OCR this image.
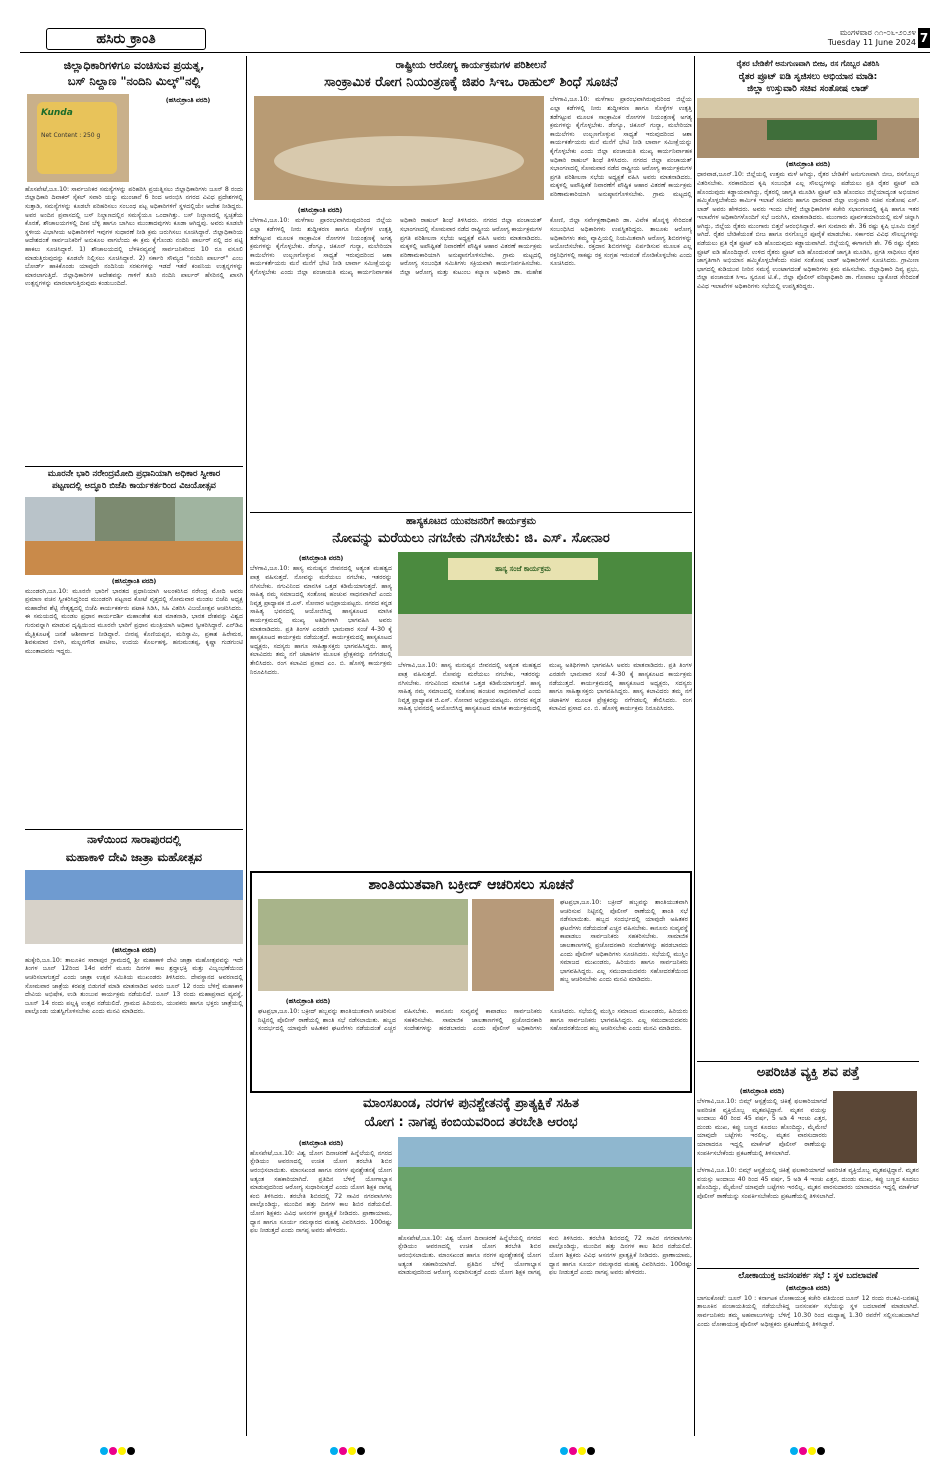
ಹಸಿರು ಕ್ರಾಂತಿ	ಮಂಗಳವಾರ ೧೧-೦೬-೨೦೨೪
Tuesday 11 June 2024 7
ಜಿಲ್ಲಾಧಿಕಾರಿಗಳಿಗೂ ವಂಚಿಸುವ ಪ್ರಯತ್ನ,
ಬಸ್ ನಿಲ್ದಾಣ "ನಂದಿನಿ ಮಿಲ್ಕ್"ನಲ್ಲಿ
Kunda
Net Content : 250 g
(ಹಸಿರುಕ್ರಾಂತಿ ವರದಿ)
ಹೊಸಪೇಟೆ,ಜೂ.10: ಸಾರ್ವಜನಿಕರ ಸಮಸ್ಯೆಗಳನ್ನು ಪರಿಹರಿಸಿ ಪ್ರಯತ್ನಿಸಲು ಜಿಲ್ಲಾಧಿಕಾರಿಗಳು ಜೂನ್ 8 ರಂದು ಜಿಲ್ಲಾಧಿಕಾರಿ ದಿವಾಕರ್ ಸೈಕಲ್ ಸವಾರಿ ಯನ್ನು ಮುಂಜಾನೆ 6 ರಿಂದ ಆರಂಭಿಸಿ ನಗರದ ವಿವಿಧ ಪ್ರದೇಶಗಳಲ್ಲಿ ಸುತ್ತಾಡಿ, ಸಮಸ್ಯೆಗಳನ್ನು ಕೂಡಲೇ ಪರಿಹರಿಸಲು ಸಂಬಂಧ ಪಟ್ಟ ಅಧಿಕಾರಿಗಳಿಗೆ ಸ್ಥಳದಲ್ಲಿಯೇ ಆದೇಶ ನೀಡಿದ್ದರು. ಅವರ ಅಂದಿನ ಪ್ರವಾಸದಲ್ಲಿ ಬಸ್ ನಿಲ್ದಾಣದಲ್ಲಿನ ಸಮಸ್ಯೆಯೂ ಒಂದಾಗಿತ್ತು. ಬಸ್ ನಿಲ್ದಾಣದಲ್ಲಿ ಸ್ವಚ್ಛತೆಯ ಕೊರತೆ, ಶೌಚಾಲಯಗಳಲ್ಲಿ ದೀಪ ಬೆಳ್ಳಿ ಹಾಗೂ ಬಾಗಿಲು ಮುಂತಾದವುಗಳು ಕೂಡಾ ಆಗಿದ್ದವು. ಅವರು ಕೂಡಲೇ ಸ್ಥಳೀಯ ವಿಭಾಗೀಯ ಅಧಿಕಾರಿಗಳಿಗೆ ಇವುಗಳ ಸುಧಾರಣೆ ನೀಡಿ ಕ್ರಮ ಜರುಗಿಸಲು ಸೂಚಿಸಿದ್ದಾರೆ. ಜಿಲ್ಲಾಧಿಕಾರಿಯ ಆದೇಶದಂತೆ ಸಾರ್ವಜನಿಕರಿಗೆ ಅನುಕೂಲ ವಾಗಲೆಂದು ಈ ಕ್ರಮ ಕೈಗೊಂಡು ನಂದಿನಿ ಪಾರ್ಲರ್ ನಲ್ಲಿ ದರ ಪಟ್ಟಿ ಹಾಕಲು ಸೂಚಿಸಿದ್ದಾರೆ. 1) ಶೌಚಾಲಯದಲ್ಲಿ ಬೆಳಕಿನವ್ಯವಸ್ಥೆ ಸಾರ್ವಜನಿಕರಿಂದ 10 ರೂ ವಸೂಲಿ ಮಾಡುತ್ತಿರುವುದನ್ನು ಕೂಡಲೇ ನಿಲ್ಲಿಸಲು ಸೂಚಿಸಿದ್ದಾರೆ. 2) ಸರ್ಕಾರಿ ಸೌಮ್ಯದ "ನಂದಿನಿ ಪಾರ್ಲರ್" ಎಂಬ ಬೋರ್ಡ್ ಹಾಕಿಕೊಂಡು ಯಾವುದೇ ನಂದಿನಿಯ ಸರಕುಗಳನ್ನು ಇಡದೆ ಇತರೆ ಕಂಪನಿಯ ಉತ್ಪನ್ನಗಳನ್ನು ಮಾರಲಾಗುತ್ತಿದೆ. ಜಿಲ್ಲಾಧಿಕಾರಿಗಳ ಆದೇಶವನ್ನು ಗಾಳಿಗೆ ತೂರಿ ನಂದಿನಿ ಪಾರ್ಲರ್ ಹೆಸರಿನಲ್ಲಿ ಖಾಸಗಿ ಉತ್ಪನ್ನಗಳನ್ನು ಮಾರಲಾಗುತ್ತಿರುವುದು ಕಂಡುಬಂದಿದೆ.
ಮೂರನೇ ಭಾರಿ ನರೇಂದ್ರಮೋದಿ ಪ್ರಧಾನಿಯಾಗಿ ಅಧಿಕಾರ ಸ್ವೀಕಾರ
ಪಟ್ಟಣದಲ್ಲಿ ಅದ್ಧೂರಿ ಬಿಜೆಪಿ ಕಾರ್ಯಕರ್ತರಿಂದ ವಿಜಯೋತ್ಸವ
(ಹಸಿರುಕ್ರಾಂತಿ ವರದಿ)
ಮುಂಡರಗಿ,ಜೂ.10: ಮೂರನೇ ಭಾರಿಗೆ ಭಾರತದ ಪ್ರಧಾನಿಯಾಗಿ ಅಲಂಕರಿಸಿದ ನರೇಂದ್ರ ಮೋದಿ ಅವರು ಪ್ರಮಾಣ ವಚನ ಸ್ವೀಕರಿಸಿದ್ದರಿಂದ ಮುಂಡರಗಿ ಪಟ್ಟಣದ ಕೋಟೆ ವೃತ್ತದಲ್ಲಿ ಸೋಮವಾರ ಮಂಡಲ ಬಿಜೆಪಿ ಅಧ್ಯಕ್ಷ ಮಹಾದೇವ ಶೆಟ್ಟಿ ನೇತೃತ್ವದಲ್ಲಿ ಬಿಜೆಪಿ ಕಾರ್ಯಕರ್ತರು ಪಟಾಕಿ ಸಿಡಿಸಿ, ಸಿಹಿ ವಿತರಿಸಿ ವಿಜಯೋತ್ಸವ ಆಚರಿಸಿದರು. ಈ ಸಮಯದಲ್ಲಿ ಮಂಡಲ ಪ್ರಧಾನ ಕಾರ್ಯದರ್ಶಿ ಮಹಾಂತೇಶ ಕುಡ ಮಾತನಾಡಿ, ಭಾರತ ದೇಶವನ್ನು ವಿಶ್ವದ ಗುರುವನ್ನಾಗಿ ಮಾಡುವ ದೃಷ್ಟಿಯಿಂದ ಮೂರನೇ ಭಾರಿಗೆ ಪ್ರಧಾನ ಮಂತ್ರಿಯಾಗಿ ಅಧಿಕಾರ ಸ್ವೀಕರಿಸಿದ್ದಾರೆ. ಎನ್‍ಡಿಎ ಮೈತ್ರಿಕೂಟಕ್ಕೆ ಜನತೆ ಆಶೀರ್ವಾದ ನೀಡಿದ್ದಾರೆ. ಬೀರಪ್ಪ ಕೊಣಿಯಪ್ಪರ, ಮರಿಸ್ವಾಮಿ, ಪ್ರಕಾಶ ಹಿರೇಮಠ, ಶಿವಕುಮಾರ ಬಿಳಗಿ, ಮಲ್ಲನಗೌಡ ಪಾಟೀಲ, ಉದಯ ಕೊರ್ಲಹಳ್ಳಿ, ಹನುಮಂತಪ್ಪ, ಕೃಷ್ಣಾ ಗುಡಗುಂಟಿ ಮುಂತಾದವರು ಇದ್ದರು.
ನಾಳೆಯಿಂದ ಸಾರಾಪುರದಲ್ಲಿ
ಮಹಾಕಾಳಿ ದೇವಿ ಜಾತ್ರಾ ಮಹೋತ್ಸವ
(ಹಸಿರುಕ್ರಾಂತಿ ವರದಿ)
ಹುಕ್ಕೇರಿ,ಜೂ.10: ತಾಲೂಕಿನ ಸಾರಾಪುರ ಗ್ರಾಮದಲ್ಲಿ ಶ್ರೀ ಮಹಾಕಾಳಿ ದೇವಿ ಜಾತ್ರಾ ಮಹೋತ್ಸವವನ್ನು ಇದೇ ತಿಂಗಳ ಜೂನ್ 12ರಿಂದ 14ರ ವರೆಗೆ ಮೂರು ದಿನಗಳ ಕಾಲ ಶ್ರದ್ಧಾಭಕ್ತಿ ಮತ್ತು ವಿಜೃಂಭಣೆಯಿಂದ ಆಚರಿಸಲಾಗುತ್ತದೆ ಎಂದು ಜಾತ್ರಾ ಉತ್ಸವ ಸಮಿತಿಯ ಮುಖಂಡರು ತಿಳಿಸಿದರು. ದೇವಸ್ಥಾನದ ಆವರಣದಲ್ಲಿ ಸೋಮವಾರ ಜಾತ್ರೆಯ ಕರಪತ್ರ ಬಿಡುಗಡೆ ಮಾಡಿ ಮಾತನಾಡಿದ ಅವರು ಜೂನ್ 12 ರಂದು ಬೆಳಿಗ್ಗೆ ಮಹಾಕಾಳಿ ದೇವಿಯ ಅಭಿಷೇಕ, ಉಡಿ ತುಂಬುವ ಕಾರ್ಯಕ್ರಮ ನಡೆಯಲಿದೆ. ಜೂನ್ 13 ರಂದು ಮಹಾಪ್ರಸಾದ ವ್ಯವಸ್ಥೆ, ಜೂನ್ 14 ರಂದು ಪಲ್ಲಕ್ಕಿ ಉತ್ಸವ ನಡೆಯಲಿದೆ. ಗ್ರಾಮದ ಹಿರಿಯರು, ಯುವಕರು ಹಾಗೂ ಭಕ್ತರು ಜಾತ್ರೆಯಲ್ಲಿ ಪಾಲ್ಗೊಂಡು ಯಶಸ್ವಿಗೊಳಿಸಬೇಕು ಎಂದು ಮನವಿ ಮಾಡಿದರು.
ರಾಷ್ಟ್ರೀಯ ಆರೋಗ್ಯ ಕಾರ್ಯಕ್ರಮಗಳ ಪರಿಶೀಲನೆ
ಸಾಂಕ್ರಾಮಿಕ ರೋಗ ನಿಯಂತ್ರಣಕ್ಕೆ ಜಿಪಂ ಸಿಇಒ ರಾಹುಲ್ ಶಿಂಧೆ ಸೂಚನೆ
ಬೆಳಗಾವಿ,ಜೂ.10: ಮಳೆಗಾಲ ಪ್ರಾರಂಭವಾಗಿರುವುದರಿಂದ ಜಿಲ್ಲೆಯ ಎಲ್ಲಾ ಕಡೆಗಳಲ್ಲಿ ನೀರು ಶುದ್ಧೀಕರಣ ಹಾಗೂ ಸೊಳ್ಳೆಗಳ ಉತ್ಪತ್ತಿ ತಡೆಗಟ್ಟುವ ಮೂಲಕ ಸಾಂಕ್ರಾಮಿಕ ರೋಗಗಳ ನಿಯಂತ್ರಣಕ್ಕೆ ಅಗತ್ಯ ಕ್ರಮಗಳನ್ನು ಕೈಗೊಳ್ಳಬೇಕು. ಡೆಂಗ್ಯೂ, ಚಿಕೂನ್ ಗುನ್ಯಾ, ಮಲೇರಿಯಾ ಕಾಯಿಲೆಗಳು ಉಲ್ಬಣಗೊಳ್ಳುವ ಸಾಧ್ಯತೆ ಇರುವುದರಿಂದ ಆಶಾ ಕಾರ್ಯಕರ್ತೆಯರು ಮನೆ ಮನೆಗೆ ಭೇಟಿ ನೀಡಿ ಲಾರ್ವಾ ಸಮೀಕ್ಷೆಯನ್ನು ಕೈಗೊಳ್ಳಬೇಕು ಎಂದು ಜಿಲ್ಲಾ ಪಂಚಾಯತಿ ಮುಖ್ಯ ಕಾರ್ಯನಿರ್ವಾಹಕ ಅಧಿಕಾರಿ ರಾಹುಲ್ ಶಿಂಧೆ ತಿಳಿಸಿದರು. ನಗರದ ಜಿಲ್ಲಾ ಪಂಚಾಯತ್ ಸಭಾಂಗಣದಲ್ಲಿ ಸೋಮವಾರ ನಡೆದ ರಾಷ್ಟ್ರೀಯ ಆರೋಗ್ಯ ಕಾರ್ಯಕ್ರಮಗಳ ಪ್ರಗತಿ ಪರಿಶೀಲನಾ ಸಭೆಯ ಅಧ್ಯಕ್ಷತೆ ವಹಿಸಿ ಅವರು ಮಾತನಾಡಿದರು. ಮಕ್ಕಳಲ್ಲಿ ಅಪೌಷ್ಟಿಕತೆ ನಿವಾರಣೆಗೆ ಪೌಷ್ಟಿಕ ಆಹಾರ ವಿತರಣೆ ಕಾರ್ಯಕ್ರಮ ಪರಿಣಾಮಕಾರಿಯಾಗಿ ಅನುಷ್ಠಾನಗೊಳಿಸಬೇಕು. ಗ್ರಾಮ ಮಟ್ಟದಲ್ಲಿ
(ಹಸಿರುಕ್ರಾಂತಿ ವರದಿ)
ಬೆಳಗಾವಿ,ಜೂ.10: ಮಳೆಗಾಲ ಪ್ರಾರಂಭವಾಗಿರುವುದರಿಂದ ಜಿಲ್ಲೆಯ ಎಲ್ಲಾ ಕಡೆಗಳಲ್ಲಿ ನೀರು ಶುದ್ಧೀಕರಣ ಹಾಗೂ ಸೊಳ್ಳೆಗಳ ಉತ್ಪತ್ತಿ ತಡೆಗಟ್ಟುವ ಮೂಲಕ ಸಾಂಕ್ರಾಮಿಕ ರೋಗಗಳ ನಿಯಂತ್ರಣಕ್ಕೆ ಅಗತ್ಯ ಕ್ರಮಗಳನ್ನು ಕೈಗೊಳ್ಳಬೇಕು. ಡೆಂಗ್ಯೂ, ಚಿಕೂನ್ ಗುನ್ಯಾ, ಮಲೇರಿಯಾ ಕಾಯಿಲೆಗಳು ಉಲ್ಬಣಗೊಳ್ಳುವ ಸಾಧ್ಯತೆ ಇರುವುದರಿಂದ ಆಶಾ ಕಾರ್ಯಕರ್ತೆಯರು ಮನೆ ಮನೆಗೆ ಭೇಟಿ ನೀಡಿ ಲಾರ್ವಾ ಸಮೀಕ್ಷೆಯನ್ನು ಕೈಗೊಳ್ಳಬೇಕು ಎಂದು ಜಿಲ್ಲಾ ಪಂಚಾಯತಿ ಮುಖ್ಯ ಕಾರ್ಯನಿರ್ವಾಹಕ ಅಧಿಕಾರಿ ರಾಹುಲ್ ಶಿಂಧೆ ತಿಳಿಸಿದರು. ನಗರದ ಜಿಲ್ಲಾ ಪಂಚಾಯತ್ ಸಭಾಂಗಣದಲ್ಲಿ ಸೋಮವಾರ ನಡೆದ ರಾಷ್ಟ್ರೀಯ ಆರೋಗ್ಯ ಕಾರ್ಯಕ್ರಮಗಳ ಪ್ರಗತಿ ಪರಿಶೀಲನಾ ಸಭೆಯ ಅಧ್ಯಕ್ಷತೆ ವಹಿಸಿ ಅವರು ಮಾತನಾಡಿದರು. ಮಕ್ಕಳಲ್ಲಿ ಅಪೌಷ್ಟಿಕತೆ ನಿವಾರಣೆಗೆ ಪೌಷ್ಟಿಕ ಆಹಾರ ವಿತರಣೆ ಕಾರ್ಯಕ್ರಮ ಪರಿಣಾಮಕಾರಿಯಾಗಿ ಅನುಷ್ಠಾನಗೊಳಿಸಬೇಕು. ಗ್ರಾಮ ಮಟ್ಟದಲ್ಲಿ ಆರೋಗ್ಯ ಸಂಬಂಧಿತ ಸಮಿತಿಗಳು ಸಕ್ರಿಯವಾಗಿ ಕಾರ್ಯನಿರ್ವಹಿಸಬೇಕು. ಜಿಲ್ಲಾ ಆರೋಗ್ಯ ಮತ್ತು ಕುಟುಂಬ ಕಲ್ಯಾಣ ಅಧಿಕಾರಿ ಡಾ. ಮಹೇಶ ಕೋಣಿ, ಜಿಲ್ಲಾ ಸರ್ವೇಕ್ಷಣಾಧಿಕಾರಿ ಡಾ. ವಿವೇಕ ಹೊನ್ನಳ್ಳಿ ಸೇರಿದಂತೆ ಸಂಬಂಧಿಸಿದ ಅಧಿಕಾರಿಗಳು ಉಪಸ್ಥಿತರಿದ್ದರು. ತಾಲೂಕು ಆರೋಗ್ಯ ಅಧಿಕಾರಿಗಳು ತಮ್ಮ ವ್ಯಾಪ್ತಿಯಲ್ಲಿ ನಿಯಮಿತವಾಗಿ ಆರೋಗ್ಯ ಶಿಬಿರಗಳನ್ನು ಆಯೋಜಿಸಬೇಕು. ರಕ್ತದಾನ ಶಿಬಿರಗಳನ್ನು ಏರ್ಪಡಿಸುವ ಮೂಲಕ ಎಲ್ಲ ರಕ್ತನಿಧಿಗಳಲ್ಲಿ ಸಾಕಷ್ಟು ರಕ್ತ ಸಂಗ್ರಹ ಇರುವಂತೆ ನೋಡಿಕೊಳ್ಳಬೇಕು ಎಂದು ಸೂಚಿಸಿದರು.
ಹಾಸ್ಯಕೂಟದ ಯುವಜನರಿಗೆ ಕಾರ್ಯಕ್ರಮ
ನೋವನ್ನು ಮರೆಯಲು ನಗಬೇಕು ನಗಿಸಬೇಕು: ಜಿ. ಎಸ್. ಸೋನಾರ
(ಹಸಿರುಕ್ರಾಂತಿ ವರದಿ)
ಬೆಳಗಾವಿ,ಜೂ.10: ಹಾಸ್ಯ ಮನುಷ್ಯನ ಜೀವನದಲ್ಲಿ ಅತ್ಯಂತ ಮಹತ್ವದ ಪಾತ್ರ ವಹಿಸುತ್ತದೆ. ನೋವನ್ನು ಮರೆಯಲು ನಗಬೇಕು, ಇತರರನ್ನು ನಗಿಸಬೇಕು. ನಗುವಿನಿಂದ ಮಾನಸಿಕ ಒತ್ತಡ ಕಡಿಮೆಯಾಗುತ್ತದೆ. ಹಾಸ್ಯ ಸಾಹಿತ್ಯ ನಮ್ಮ ಸಮಾಜದಲ್ಲಿ ಸಂತೋಷ ಹಂಚುವ ಸಾಧನವಾಗಿದೆ ಎಂದು ನಿವೃತ್ತ ಪ್ರಾಧ್ಯಾಪಕ ಜಿ.ಎಸ್. ಸೋನಾರ ಅಭಿಪ್ರಾಯಪಟ್ಟರು. ನಗರದ ಕನ್ನಡ ಸಾಹಿತ್ಯ ಭವನದಲ್ಲಿ ಆಯೋಜಿಸಿದ್ದ ಹಾಸ್ಯಕೂಟದ ಮಾಸಿಕ ಕಾರ್ಯಕ್ರಮದಲ್ಲಿ ಮುಖ್ಯ ಅತಿಥಿಗಳಾಗಿ ಭಾಗವಹಿಸಿ ಅವರು ಮಾತನಾಡಿದರು. ಪ್ರತಿ ತಿಂಗಳ ಎರಡನೇ ಭಾನುವಾರ ಸಂಜೆ 4-30 ಕ್ಕೆ ಹಾಸ್ಯಕೂಟದ ಕಾರ್ಯಕ್ರಮ ನಡೆಯುತ್ತದೆ. ಕಾರ್ಯಕ್ರಮದಲ್ಲಿ ಹಾಸ್ಯಕೂಟದ ಅಧ್ಯಕ್ಷರು, ಸದಸ್ಯರು ಹಾಗೂ ಸಾಹಿತ್ಯಾಸಕ್ತರು ಭಾಗವಹಿಸಿದ್ದರು. ಹಾಸ್ಯ ಕಲಾವಿದರು ತಮ್ಮ ನಗೆ ಚಟಾಕಿಗಳ ಮೂಲಕ ಪ್ರೇಕ್ಷಕರನ್ನು ನಗೆಗಡಲಲ್ಲಿ ತೇಲಿಸಿದರು. ರಂಗ ಕಲಾವಿದ ಪ್ರಸಾದ ಎಂ. ಬಿ. ಹೊಸಳ್ಳಿ ಕಾರ್ಯಕ್ರಮ ನಿರೂಪಿಸಿದರು.
ಹಾಸ್ಯ ಸಂಜೆ ಕಾರ್ಯಕ್ರಮ
ಬೆಳಗಾವಿ,ಜೂ.10: ಹಾಸ್ಯ ಮನುಷ್ಯನ ಜೀವನದಲ್ಲಿ ಅತ್ಯಂತ ಮಹತ್ವದ ಪಾತ್ರ ವಹಿಸುತ್ತದೆ. ನೋವನ್ನು ಮರೆಯಲು ನಗಬೇಕು, ಇತರರನ್ನು ನಗಿಸಬೇಕು. ನಗುವಿನಿಂದ ಮಾನಸಿಕ ಒತ್ತಡ ಕಡಿಮೆಯಾಗುತ್ತದೆ. ಹಾಸ್ಯ ಸಾಹಿತ್ಯ ನಮ್ಮ ಸಮಾಜದಲ್ಲಿ ಸಂತೋಷ ಹಂಚುವ ಸಾಧನವಾಗಿದೆ ಎಂದು ನಿವೃತ್ತ ಪ್ರಾಧ್ಯಾಪಕ ಜಿ.ಎಸ್. ಸೋನಾರ ಅಭಿಪ್ರಾಯಪಟ್ಟರು. ನಗರದ ಕನ್ನಡ ಸಾಹಿತ್ಯ ಭವನದಲ್ಲಿ ಆಯೋಜಿಸಿದ್ದ ಹಾಸ್ಯಕೂಟದ ಮಾಸಿಕ ಕಾರ್ಯಕ್ರಮದಲ್ಲಿ ಮುಖ್ಯ ಅತಿಥಿಗಳಾಗಿ ಭಾಗವಹಿಸಿ ಅವರು ಮಾತನಾಡಿದರು. ಪ್ರತಿ ತಿಂಗಳ ಎರಡನೇ ಭಾನುವಾರ ಸಂಜೆ 4-30 ಕ್ಕೆ ಹಾಸ್ಯಕೂಟದ ಕಾರ್ಯಕ್ರಮ ನಡೆಯುತ್ತದೆ. ಕಾರ್ಯಕ್ರಮದಲ್ಲಿ ಹಾಸ್ಯಕೂಟದ ಅಧ್ಯಕ್ಷರು, ಸದಸ್ಯರು ಹಾಗೂ ಸಾಹಿತ್ಯಾಸಕ್ತರು ಭಾಗವಹಿಸಿದ್ದರು. ಹಾಸ್ಯ ಕಲಾವಿದರು ತಮ್ಮ ನಗೆ ಚಟಾಕಿಗಳ ಮೂಲಕ ಪ್ರೇಕ್ಷಕರನ್ನು ನಗೆಗಡಲಲ್ಲಿ ತೇಲಿಸಿದರು. ರಂಗ ಕಲಾವಿದ ಪ್ರಸಾದ ಎಂ. ಬಿ. ಹೊಸಳ್ಳಿ ಕಾರ್ಯಕ್ರಮ ನಿರೂಪಿಸಿದರು.
ಶಾಂತಿಯುತವಾಗಿ ಬಕ್ರೀದ್ ಆಚರಿಸಲು ಸೂಚನೆ
ಘಟಪ್ರಭಾ,ಜೂ.10: ಬಕ್ರೀದ್ ಹಬ್ಬವನ್ನು ಶಾಂತಿಯುತವಾಗಿ ಆಚರಿಸುವ ನಿಟ್ಟಿನಲ್ಲಿ ಪೊಲೀಸ್ ಠಾಣೆಯಲ್ಲಿ ಶಾಂತಿ ಸಭೆ ನಡೆಸಲಾಯಿತು. ಹಬ್ಬದ ಸಂದರ್ಭದಲ್ಲಿ ಯಾವುದೇ ಅಹಿತಕರ ಘಟನೆಗಳು ನಡೆಯದಂತೆ ಎಚ್ಚರ ವಹಿಸಬೇಕು. ಕಾನೂನು ಸುವ್ಯವಸ್ಥೆ ಕಾಪಾಡಲು ಸಾರ್ವಜನಿಕರು ಸಹಕರಿಸಬೇಕು. ಸಾಮಾಜಿಕ ಜಾಲತಾಣಗಳಲ್ಲಿ ಪ್ರಚೋದನಕಾರಿ ಸಂದೇಶಗಳನ್ನು ಹರಡಬಾರದು ಎಂದು ಪೊಲೀಸ್ ಅಧಿಕಾರಿಗಳು ಸೂಚಿಸಿದರು. ಸಭೆಯಲ್ಲಿ ಮುಸ್ಲಿಂ ಸಮಾಜದ ಮುಖಂಡರು, ಹಿರಿಯರು ಹಾಗೂ ಸಾರ್ವಜನಿಕರು ಭಾಗವಹಿಸಿದ್ದರು. ಎಲ್ಲ ಸಮುದಾಯದವರು ಸಹೋದರತೆಯಿಂದ ಹಬ್ಬ ಆಚರಿಸಬೇಕು ಎಂದು ಮನವಿ ಮಾಡಿದರು.
(ಹಸಿರುಕ್ರಾಂತಿ ವರದಿ)
ಘಟಪ್ರಭಾ,ಜೂ.10: ಬಕ್ರೀದ್ ಹಬ್ಬವನ್ನು ಶಾಂತಿಯುತವಾಗಿ ಆಚರಿಸುವ ನಿಟ್ಟಿನಲ್ಲಿ ಪೊಲೀಸ್ ಠಾಣೆಯಲ್ಲಿ ಶಾಂತಿ ಸಭೆ ನಡೆಸಲಾಯಿತು. ಹಬ್ಬದ ಸಂದರ್ಭದಲ್ಲಿ ಯಾವುದೇ ಅಹಿತಕರ ಘಟನೆಗಳು ನಡೆಯದಂತೆ ಎಚ್ಚರ ವಹಿಸಬೇಕು. ಕಾನೂನು ಸುವ್ಯವಸ್ಥೆ ಕಾಪಾಡಲು ಸಾರ್ವಜನಿಕರು ಸಹಕರಿಸಬೇಕು. ಸಾಮಾಜಿಕ ಜಾಲತಾಣಗಳಲ್ಲಿ ಪ್ರಚೋದನಕಾರಿ ಸಂದೇಶಗಳನ್ನು ಹರಡಬಾರದು ಎಂದು ಪೊಲೀಸ್ ಅಧಿಕಾರಿಗಳು ಸೂಚಿಸಿದರು. ಸಭೆಯಲ್ಲಿ ಮುಸ್ಲಿಂ ಸಮಾಜದ ಮುಖಂಡರು, ಹಿರಿಯರು ಹಾಗೂ ಸಾರ್ವಜನಿಕರು ಭಾಗವಹಿಸಿದ್ದರು. ಎಲ್ಲ ಸಮುದಾಯದವರು ಸಹೋದರತೆಯಿಂದ ಹಬ್ಬ ಆಚರಿಸಬೇಕು ಎಂದು ಮನವಿ ಮಾಡಿದರು.
ಮಾಂಸಖಂಡ, ನರಗಳ ಪುನಶ್ಚೇತನಕ್ಕೆ ಪ್ರಾತ್ಯಕ್ಷಿಕೆ ಸಹಿತ
ಯೋಗ : ನಾಗಪ್ಪ ಕಂಬಿಯವರಿಂದ ತರಬೇತಿ ಆರಂಭ
(ಹಸಿರುಕ್ರಾಂತಿ ವರದಿ)
ಹೊಸಪೇಟೆ,ಜೂ.10: ವಿಶ್ವ ಯೋಗ ದಿನಾಚರಣೆ ಹಿನ್ನೆಲೆಯಲ್ಲಿ ನಗರದ ಸ್ಟೇಡಿಯಂ ಆವರಣದಲ್ಲಿ ಉಚಿತ ಯೋಗ ತರಬೇತಿ ಶಿಬಿರ ಆರಂಭಿಸಲಾಯಿತು. ಮಾಂಸಖಂಡ ಹಾಗೂ ನರಗಳ ಪುನಶ್ಚೇತನಕ್ಕೆ ಯೋಗ ಅತ್ಯಂತ ಸಹಕಾರಿಯಾಗಿದೆ. ಪ್ರತಿದಿನ ಬೆಳಿಗ್ಗೆ ಯೋಗಾಭ್ಯಾಸ ಮಾಡುವುದರಿಂದ ಆರೋಗ್ಯ ಸುಧಾರಿಸುತ್ತದೆ ಎಂದು ಯೋಗ ಶಿಕ್ಷಕ ನಾಗಪ್ಪ ಕಂಬಿ ತಿಳಿಸಿದರು. ತರಬೇತಿ ಶಿಬಿರದಲ್ಲಿ 72 ಸಾವಿರ ನಗರವಾಸಿಗಳು ಪಾಲ್ಗೊಂಡಿದ್ದು, ಮುಂದಿನ ಹತ್ತು ದಿನಗಳ ಕಾಲ ಶಿಬಿರ ನಡೆಯಲಿದೆ. ಯೋಗ ಶಿಕ್ಷಕರು ವಿವಿಧ ಆಸನಗಳ ಪ್ರಾತ್ಯಕ್ಷಿಕೆ ನೀಡಿದರು. ಪ್ರಾಣಾಯಾಮ, ಧ್ಯಾನ ಹಾಗೂ ಸೂರ್ಯ ನಮಸ್ಕಾರದ ಮಹತ್ವ ವಿವರಿಸಿದರು. 100ರಷ್ಟು ಫಲ ನೀಡುತ್ತದೆ ಎಂದು ನಾಗಪ್ಪ ಅವರು ಹೇಳಿದರು.
ಹೊಸಪೇಟೆ,ಜೂ.10: ವಿಶ್ವ ಯೋಗ ದಿನಾಚರಣೆ ಹಿನ್ನೆಲೆಯಲ್ಲಿ ನಗರದ ಸ್ಟೇಡಿಯಂ ಆವರಣದಲ್ಲಿ ಉಚಿತ ಯೋಗ ತರಬೇತಿ ಶಿಬಿರ ಆರಂಭಿಸಲಾಯಿತು. ಮಾಂಸಖಂಡ ಹಾಗೂ ನರಗಳ ಪುನಶ್ಚೇತನಕ್ಕೆ ಯೋಗ ಅತ್ಯಂತ ಸಹಕಾರಿಯಾಗಿದೆ. ಪ್ರತಿದಿನ ಬೆಳಿಗ್ಗೆ ಯೋಗಾಭ್ಯಾಸ ಮಾಡುವುದರಿಂದ ಆರೋಗ್ಯ ಸುಧಾರಿಸುತ್ತದೆ ಎಂದು ಯೋಗ ಶಿಕ್ಷಕ ನಾಗಪ್ಪ ಕಂಬಿ ತಿಳಿಸಿದರು. ತರಬೇತಿ ಶಿಬಿರದಲ್ಲಿ 72 ಸಾವಿರ ನಗರವಾಸಿಗಳು ಪಾಲ್ಗೊಂಡಿದ್ದು, ಮುಂದಿನ ಹತ್ತು ದಿನಗಳ ಕಾಲ ಶಿಬಿರ ನಡೆಯಲಿದೆ. ಯೋಗ ಶಿಕ್ಷಕರು ವಿವಿಧ ಆಸನಗಳ ಪ್ರಾತ್ಯಕ್ಷಿಕೆ ನೀಡಿದರು. ಪ್ರಾಣಾಯಾಮ, ಧ್ಯಾನ ಹಾಗೂ ಸೂರ್ಯ ನಮಸ್ಕಾರದ ಮಹತ್ವ ವಿವರಿಸಿದರು. 100ರಷ್ಟು ಫಲ ನೀಡುತ್ತದೆ ಎಂದು ನಾಗಪ್ಪ ಅವರು ಹೇಳಿದರು.
ರೈತರ ಬೇಡಿಕೆಗೆ ಅನುಗುಣವಾಗಿ ಬೀಜ, ರಸ ಗೊಬ್ಬರ ವಿತರಿಸಿ
ರೈತರ ಪ್ರೂಟ್ ಐಡಿ ಸೃಜಿಸಲು ಅಭಿಯಾನ ಮಾಡಿ:
ಜಿಲ್ಲಾ ಉಸ್ತುವಾರಿ ಸಚಿವ ಸಂತೋಷ ಲಾಡ್
(ಹಸಿರುಕ್ರಾಂತಿ ವರದಿ)
ಧಾರವಾಡ,ಜೂನ್.10: ಜಿಲ್ಲೆಯಲ್ಲಿ ಉತ್ತಮ ಮಳೆ ಆಗಿದ್ದು, ರೈತರ ಬೇಡಿಕೆಗೆ ಅನುಗುಣವಾಗಿ ಬೀಜ, ರಸಗೊಬ್ಬರ ವಿತರಿಸಬೇಕು. ಸರಕಾರದಿಂದ ಕೃಷಿ ಸಂಬಂಧಿತ ಎಲ್ಲ ಸೌಲಭ್ಯಗಳನ್ನು ಪಡೆಯಲು ಪ್ರತಿ ರೈತರ ಫ್ರೂಟ್ ಐಡಿ ಹೊಂದುವುದು ಕಡ್ಡಾಯವಾಗಿದ್ದು, ರೈತರಲ್ಲಿ ಜಾಗೃತಿ ಮೂಡಿಸಿ ಫ್ರೂಟ್ ಐಡಿ ಹೊಂದಲು ಜಿಲ್ಲೆಯಾದ್ಯಂತ ಅಭಿಯಾನ ಹಮ್ಮಿಕೊಳ್ಳಬೇಕೆಂದು ಕಾರ್ಮಿಕ ಇಲಾಖೆ ಸಚಿವರು ಹಾಗೂ ಧಾರವಾಡ ಜಿಲ್ಲಾ ಉಸ್ತುವಾರಿ ಸಚಿವ ಸಂತೋಷ ಎಸ್. ಲಾಡ್ ಅವರು ಹೇಳಿದರು. ಅವರು ಇಂದು ಬೆಳಿಗ್ಗೆ ಜಿಲ್ಲಾಧಿಕಾರಿಗಳ ಕಚೇರಿ ಸಭಾಂಗಣದಲ್ಲಿ ಕೃಷಿ ಹಾಗೂ ಇತರ ಇಲಾಖೆಗಳ ಅಧಿಕಾರಿಗಳೊಂದಿಗೆ ಸಭೆ ಜರುಗಿಸಿ, ಮಾತನಾಡಿದರು. ಮುಂಗಾರು ಪೂರ್ವತಯಾರಿಯಲ್ಲಿ ಮಳೆ ಚನ್ನಾಗಿ ಆಗಿದ್ದು, ಜಿಲ್ಲೆಯ ರೈತರು ಮುಂಗಾರು ಬಿತ್ತನೆ ಆರಂಭಿಸಿದ್ದಾರೆ. ಈಗ ಸುಮಾರು ಶೇ. 36 ರಷ್ಟು ಕೃಷಿ ಭೂಮಿ ಬಿತ್ತನೆ ಆಗಿದೆ. ರೈತರ ಬೇಡಿಕೆಯಂತೆ ಬೀಜ ಹಾಗೂ ರಸಗೊಬ್ಬರ ಪೂರೈಕೆ ಮಾಡಬೇಕು. ಸರ್ಕಾರದ ವಿವಿಧ ಸೌಲಭ್ಯಗಳನ್ನು ಪಡೆಯಲು ಪ್ರತಿ ರೈತ ಫ್ರೂಟ್ ಐಡಿ ಹೊಂದುವುದು ಕಡ್ಡಾಯವಾಗಿದೆ. ಜಿಲ್ಲೆಯಲ್ಲಿ ಈಗಾಗಲೇ ಶೇ. 76 ರಷ್ಟು ರೈತರು ಫ್ರೂಟ್ ಐಡಿ ಹೊಂದಿದ್ದಾರೆ. ಉಳಿದ ರೈತರು ಫ್ರೂಟ್ ಐಡಿ ಹೊಂದುವಂತೆ ಜಾಗೃತಿ ಮೂಡಿಸಿ, ಪ್ರಗತಿ ಸಾಧಿಸಲು ರೈತರ ಜಾಗೃತಿಗಾಗಿ ಅಭಿಯಾನ ಹಮ್ಮಿಕೊಳ್ಳಬೇಕೆಂದು ಸಚಿವ ಸಂತೋಷ ಲಾಡ್ ಅಧಿಕಾರಿಗಳಿಗೆ ಸೂಚಿಸಿದರು. ಗ್ರಾಮೀಣ ಭಾಗದಲ್ಲಿ ಕುಡಿಯುವ ನೀರಿನ ಸಮಸ್ಯೆ ಉಂಟಾಗದಂತೆ ಅಧಿಕಾರಿಗಳು ಕ್ರಮ ವಹಿಸಬೇಕು. ಜಿಲ್ಲಾಧಿಕಾರಿ ದಿವ್ಯ ಪ್ರಭು, ಜಿಲ್ಲಾ ಪಂಚಾಯತ ಸಿಇಒ ಸ್ವರೂಪ ಟಿ.ಕೆ., ಜಿಲ್ಲಾ ಪೊಲೀಸ್ ವರಿಷ್ಠಾಧಿಕಾರಿ ಡಾ. ಗೋಪಾಲ ಬ್ಯಾಕೋಡ ಸೇರಿದಂತೆ ವಿವಿಧ ಇಲಾಖೆಗಳ ಅಧಿಕಾರಿಗಳು ಸಭೆಯಲ್ಲಿ ಉಪಸ್ಥಿತರಿದ್ದರು.
ಅಪರಿಚಿತ ವ್ಯಕ್ತಿ ಶವ ಪತ್ತೆ
(ಹಸಿರುಕ್ರಾಂತಿ ವರದಿ)
ಬೆಳಗಾವಿ,ಜೂ.10: ಬಿಮ್ಸ್ ಆಸ್ಪತ್ರೆಯಲ್ಲಿ ಚಿಕಿತ್ಸೆ ಫಲಕಾರಿಯಾಗದೆ ಅಪರಿಚಿತ ವ್ಯಕ್ತಿಯೊಬ್ಬ ಮೃತಪಟ್ಟಿದ್ದಾನೆ. ಮೃತನ ವಯಸ್ಸು ಅಂದಾಜು 40 ರಿಂದ 45 ವರ್ಷ, 5 ಅಡಿ 4 ಇಂಚು ಎತ್ತರ, ದುಂಡು ಮುಖ, ಕಪ್ಪು ಬಣ್ಣದ ಕೂದಲು ಹೊಂದಿದ್ದು, ಮೈಮೇಲೆ ಯಾವುದೇ ಬಟ್ಟೆಗಳು ಇರಲಿಲ್ಲ. ಮೃತನ ವಾರಸುದಾರರು ಯಾರಾದರೂ ಇದ್ದಲ್ಲಿ ಮಾರ್ಕೆಟ್ ಪೊಲೀಸ್ ಠಾಣೆಯನ್ನು ಸಂಪರ್ಕಿಸಬೇಕೆಂದು ಪ್ರಕಟಣೆಯಲ್ಲಿ ತಿಳಿಸಲಾಗಿದೆ.
ಬೆಳಗಾವಿ,ಜೂ.10: ಬಿಮ್ಸ್ ಆಸ್ಪತ್ರೆಯಲ್ಲಿ ಚಿಕಿತ್ಸೆ ಫಲಕಾರಿಯಾಗದೆ ಅಪರಿಚಿತ ವ್ಯಕ್ತಿಯೊಬ್ಬ ಮೃತಪಟ್ಟಿದ್ದಾನೆ. ಮೃತನ ವಯಸ್ಸು ಅಂದಾಜು 40 ರಿಂದ 45 ವರ್ಷ, 5 ಅಡಿ 4 ಇಂಚು ಎತ್ತರ, ದುಂಡು ಮುಖ, ಕಪ್ಪು ಬಣ್ಣದ ಕೂದಲು ಹೊಂದಿದ್ದು, ಮೈಮೇಲೆ ಯಾವುದೇ ಬಟ್ಟೆಗಳು ಇರಲಿಲ್ಲ. ಮೃತನ ವಾರಸುದಾರರು ಯಾರಾದರೂ ಇದ್ದಲ್ಲಿ ಮಾರ್ಕೆಟ್ ಪೊಲೀಸ್ ಠಾಣೆಯನ್ನು ಸಂಪರ್ಕಿಸಬೇಕೆಂದು ಪ್ರಕಟಣೆಯಲ್ಲಿ ತಿಳಿಸಲಾಗಿದೆ.
ಲೋಕಾಯುಕ್ತ ಜನಸಂಪರ್ಕ ಸಭೆ : ಸ್ಥಳ ಬದಲಾವಣೆ
(ಹಸಿರುಕ್ರಾಂತಿ ವರದಿ)
ಬಾಗಲಕೋಟೆ: ಜೂನ್ 10 : ಕರ್ನಾಟಕ ಲೋಕಾಯುಕ್ತ ಕಚೇರಿ ವತಿಯಿಂದ ಜೂನ್ 12 ರಂದು ರಬಕವಿ-ಬನಹಟ್ಟಿ ತಾಲೂಕಿನ ಪಂಚಾಯತಿಯಲ್ಲಿ ನಡೆಯಬೇಕಿದ್ದ ಜನಸಂಪರ್ಕ ಸಭೆಯನ್ನು ಸ್ಥಳ ಬದಲಾವಣೆ ಮಾಡಲಾಗಿದೆ. ಸಾರ್ವಜನಿಕರು ತಮ್ಮ ಅಹವಾಲುಗಳನ್ನು ಬೆಳಿಗ್ಗೆ 10.30 ರಿಂದ ಮಧ್ಯಾಹ್ನ 1.30 ರವರೆಗೆ ಸಲ್ಲಿಸಬಹುದಾಗಿದೆ ಎಂದು ಲೋಕಾಯುಕ್ತ ಪೊಲೀಸ್ ಅಧೀಕ್ಷಕರು ಪ್ರಕಟಣೆಯಲ್ಲಿ ತಿಳಿಸಿದ್ದಾರೆ.
